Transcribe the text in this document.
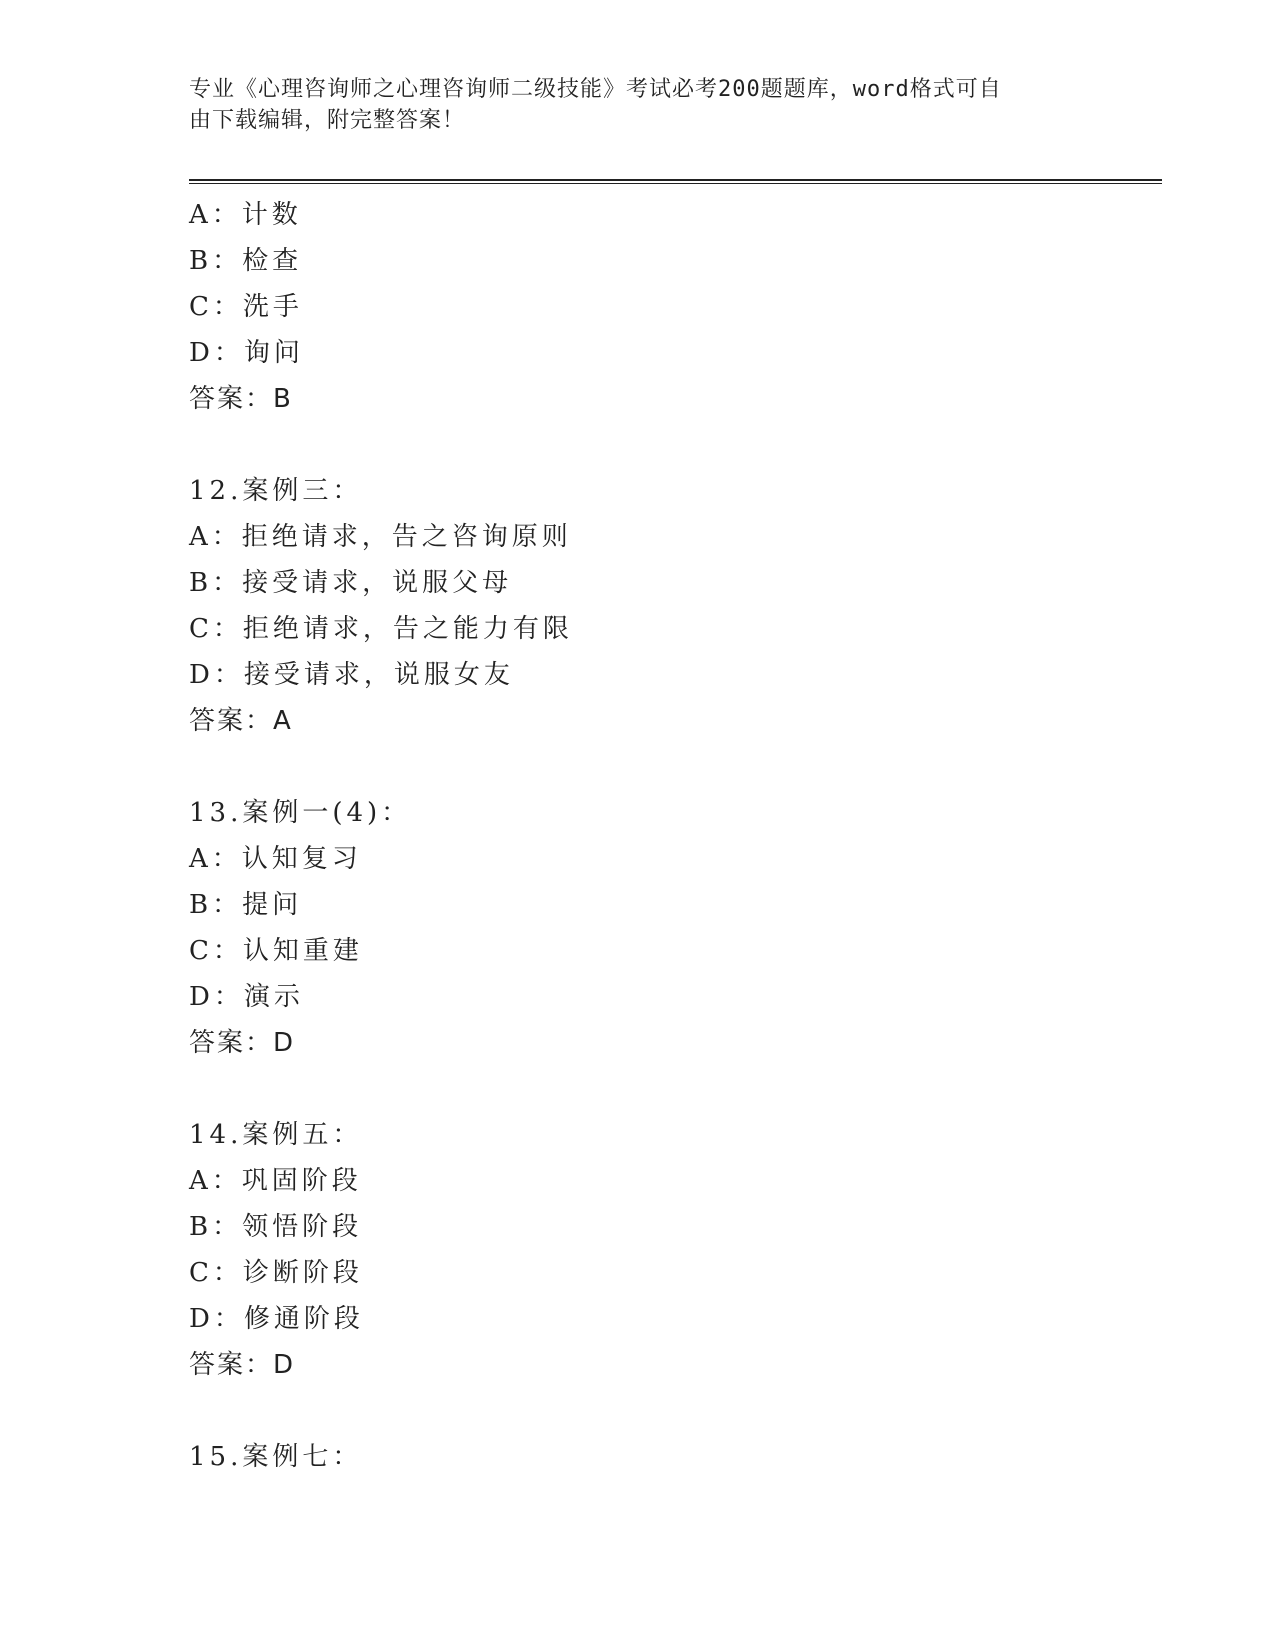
专业《心理咨询师之心理咨询师二级技能》考试必考200题题库，word格式可自
由下载编辑，附完整答案！
A：计数
B：检查
C：洗手
D：询问
答案：B
12.案例三：
A：拒绝请求，告之咨询原则
B：接受请求，说服父母
C：拒绝请求，告之能力有限
D：接受请求，说服女友
答案：A
13.案例一(4)：
A：认知复习
B：提问
C：认知重建
D：演示
答案：D
14.案例五：
A：巩固阶段
B：领悟阶段
C：诊断阶段
D：修通阶段
答案：D
15.案例七：
